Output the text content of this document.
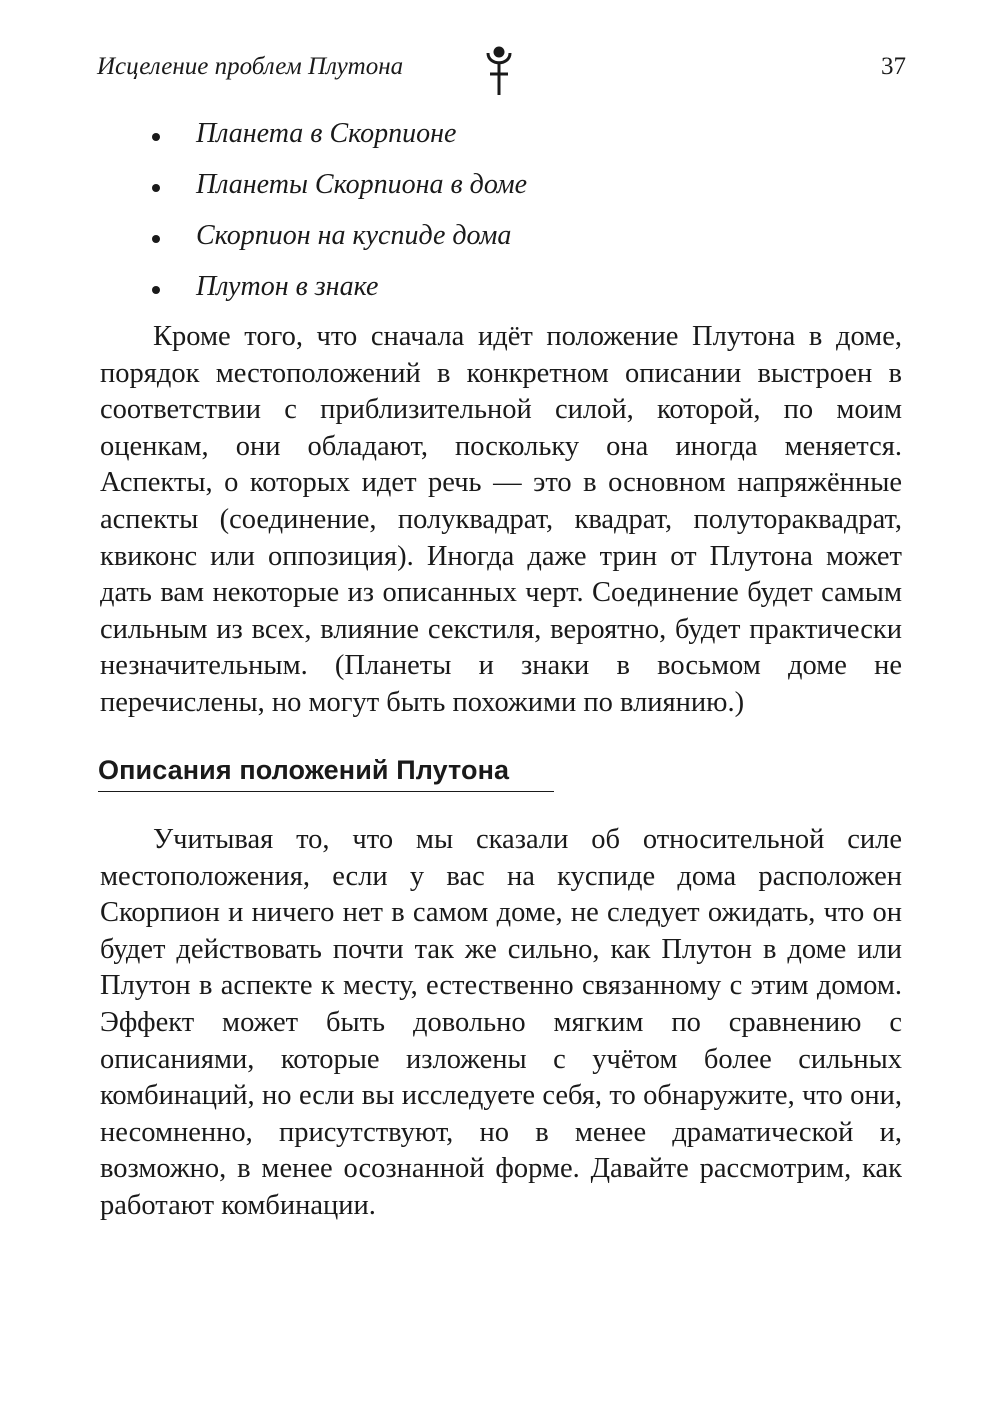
Исцеление проблем Плутона	37
Планета в Скорпионе
Планеты Скорпиона в доме
Скорпион на куспиде дома
Плутон в знаке

Кроме того, что сначала идёт положение Плутона в доме, порядок местоположений в конкретном описании выстроен в соответствии с приблизительной силой, которой, по моим оценкам, они обладают, поскольку она иногда меняется. Аспекты, о которых идет речь — это в основном напряжённые аспекты (соединение, полуквадрат, квадрат, полутораквадрат, квиконс или оппозиция). Иногда даже трин от Плутона может дать вам некоторые из описанных черт. Соединение будет самым сильным из всех, влияние секстиля, вероятно, будет практически незначительным. (Планеты и знаки в восьмом доме не перечислены, но могут быть похожими по влиянию.)

Описания положений Плутона

Учитывая то, что мы сказали об относительной силе местоположения, если у вас на куспиде дома расположен Скорпион и ничего нет в самом доме, не следует ожидать, что он будет действовать почти так же сильно, как Плутон в доме или Плутон в аспекте к месту, естественно связанному с этим домом. Эффект может быть довольно мягким по сравнению с описаниями, которые изложены с учётом более сильных комбинаций, но если вы исследуете себя, то обнаружите, что они, несомненно, присутствуют, но в менее драматической и, возможно, в менее осознанной форме. Давайте рассмотрим, как работают комбинации.
